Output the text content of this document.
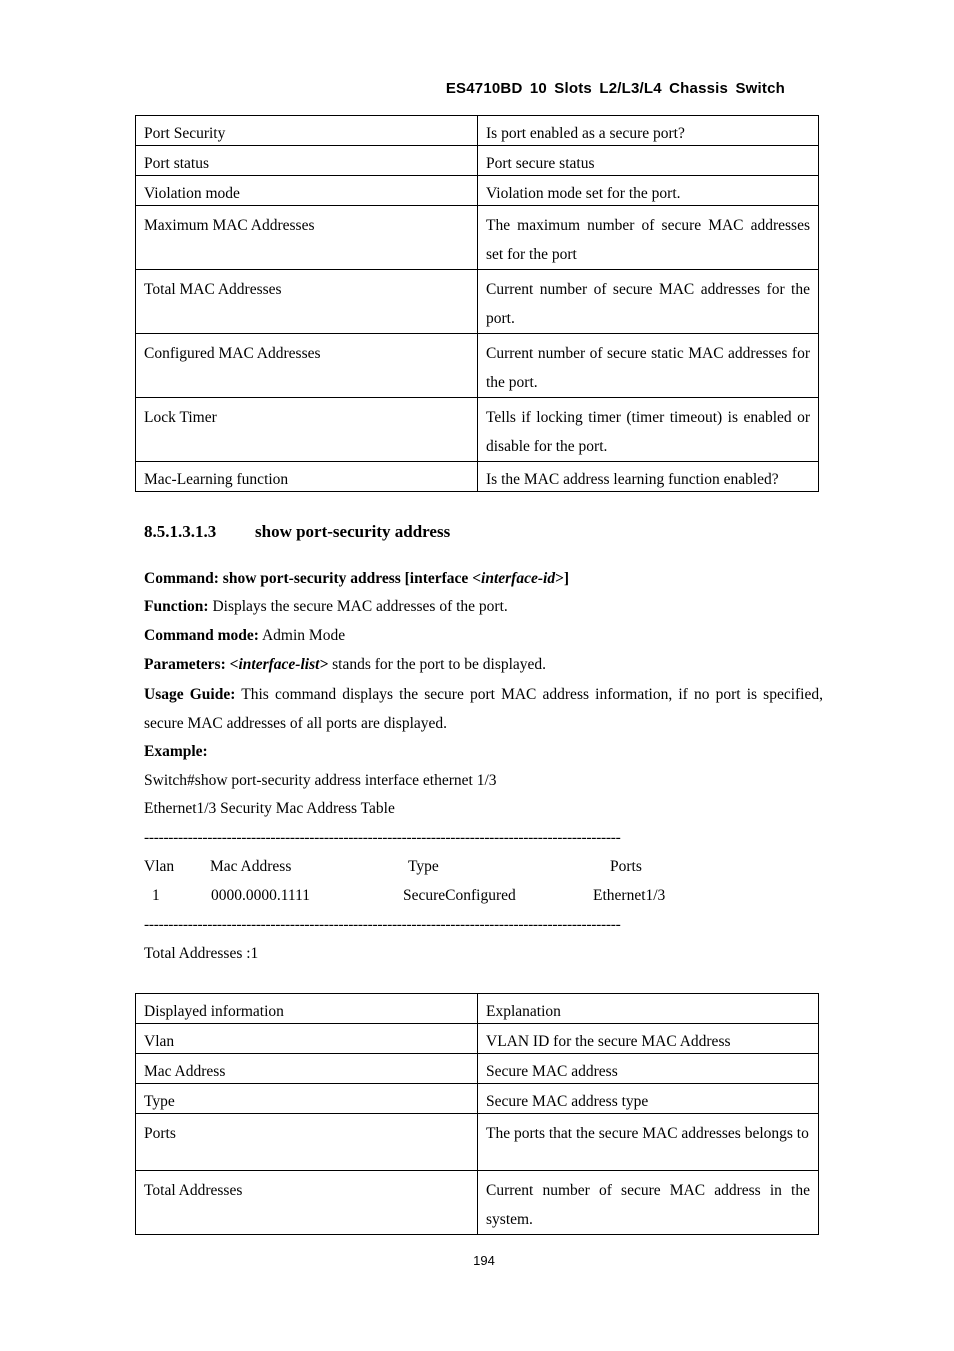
ES4710BD 10 Slots L2/L3/L4 Chassis Switch
Port Security	Is port enabled as a secure port?
Port status	Port secure status
Violation mode	Violation mode set for the port.
Maximum MAC Addresses	The maximum number of secure MAC addresses set for the port
Total MAC Addresses	Current number of secure MAC addresses for the port.
Configured MAC Addresses	Current number of secure static MAC addresses for the port.
Lock Timer	Tells if locking timer (timer timeout) is enabled or disable for the port.
Mac-Learning function	Is the MAC address learning function enabled?
8.5.1.3.1.3 show port-security address
Command: show port-security address [interface <interface-id>]
Function: Displays the secure MAC addresses of the port.
Command mode: Admin Mode
Parameters: <interface-list> stands for the port to be displayed.
Usage Guide: This command displays the secure port MAC address information, if no port is specified, secure MAC addresses of all ports are displayed.
Example:
Switch#show port-security address interface ethernet 1/3
Ethernet1/3 Security Mac Address Table
--------------------------------------------------------------------------------------------------
Vlan Mac Address	Type	Ports
1	0000.0000.1111	SecureConfigured	Ethernet1/3
--------------------------------------------------------------------------------------------------
Total Addresses :1
Displayed information	Explanation
Vlan	VLAN ID for the secure MAC Address
Mac Address	Secure MAC address
Type	Secure MAC address type
Ports	The ports that the secure MAC addresses belongs to
Total Addresses	Current number of secure MAC address in the system.
194
